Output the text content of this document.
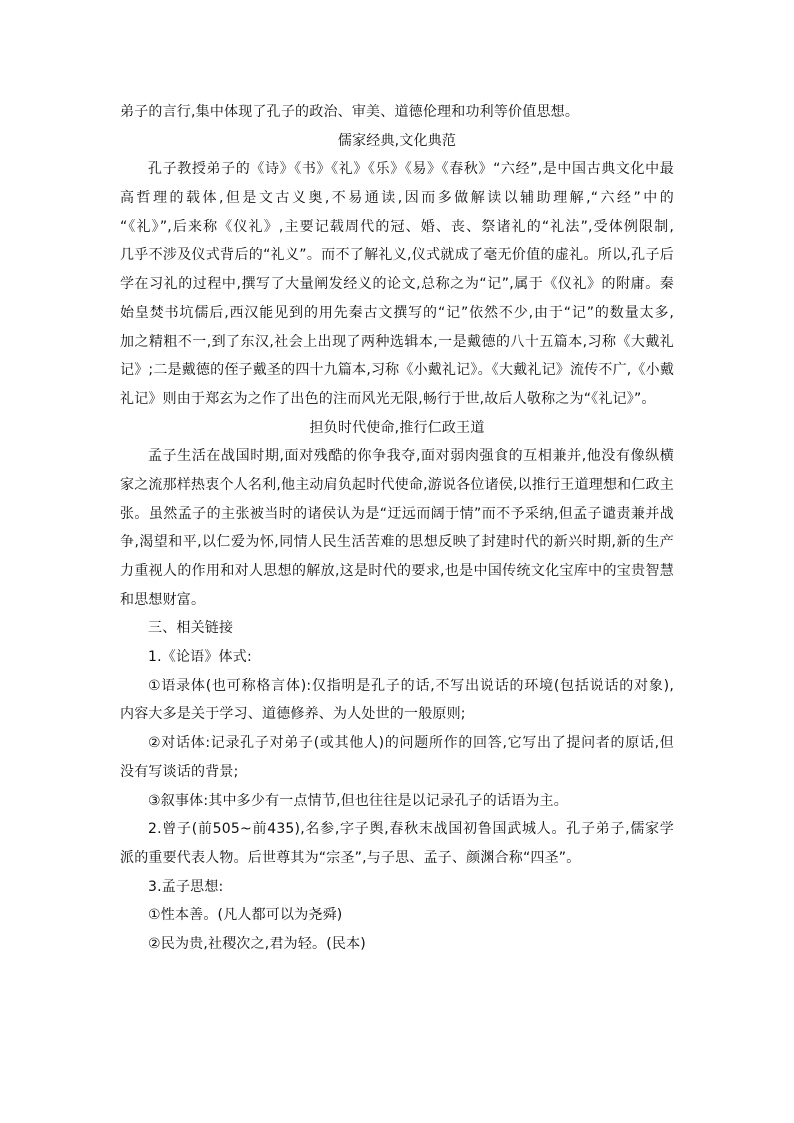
弟子的言行,集中体现了孔子的政治、审美、道德伦理和功利等价值思想。
儒家经典,文化典范
孔子教授弟子的《诗》《书》《礼》《乐》《易》《春秋》“六经”,是中国古典文化中最
高哲理的载体,但是文古义奥,不易通读,因而多做解读以辅助理解,“六经”中的
“《礼》”,后来称《仪礼》,主要记载周代的冠、婚、丧、祭诸礼的“礼法”,受体例限制,
几乎不涉及仪式背后的“礼义”。而不了解礼义,仪式就成了毫无价值的虚礼。所以,孔子后
学在习礼的过程中,撰写了大量阐发经义的论文,总称之为“记”,属于《仪礼》的附庸。秦
始皇焚书坑儒后,西汉能见到的用先秦古文撰写的“记”依然不少,由于“记”的数量太多,
加之精粗不一,到了东汉,社会上出现了两种选辑本,一是戴德的八十五篇本,习称《大戴礼
记》;二是戴德的侄子戴圣的四十九篇本,习称《小戴礼记》。《大戴礼记》流传不广,《小戴
礼记》则由于郑玄为之作了出色的注而风光无限,畅行于世,故后人敬称之为“《礼记》”。
担负时代使命,推行仁政王道
孟子生活在战国时期,面对残酷的你争我夺,面对弱肉强食的互相兼并,他没有像纵横
家之流那样热衷个人名利,他主动肩负起时代使命,游说各位诸侯,以推行王道理想和仁政主
张。虽然孟子的主张被当时的诸侯认为是“迂远而阔于情”而不予采纳,但孟子谴责兼并战
争,渴望和平,以仁爱为怀,同情人民生活苦难的思想反映了封建时代的新兴时期,新的生产
力重视人的作用和对人思想的解放,这是时代的要求,也是中国传统文化宝库中的宝贵智慧
和思想财富。
三、相关链接
1.《论语》体式:
①语录体(也可称格言体):仅指明是孔子的话,不写出说话的环境(包括说话的对象),
内容大多是关于学习、道德修养、为人处世的一般原则;
②对话体:记录孔子对弟子(或其他人)的问题所作的回答,它写出了提问者的原话,但
没有写谈话的背景;
③叙事体:其中多少有一点情节,但也往往是以记录孔子的话语为主。
2.曾子(前505~前435),名参,字子舆,春秋末战国初鲁国武城人。孔子弟子,儒家学
派的重要代表人物。后世尊其为“宗圣”,与子思、孟子、颜渊合称“四圣”。
3.孟子思想:
①性本善。(凡人都可以为尧舜)
②民为贵,社稷次之,君为轻。(民本)
